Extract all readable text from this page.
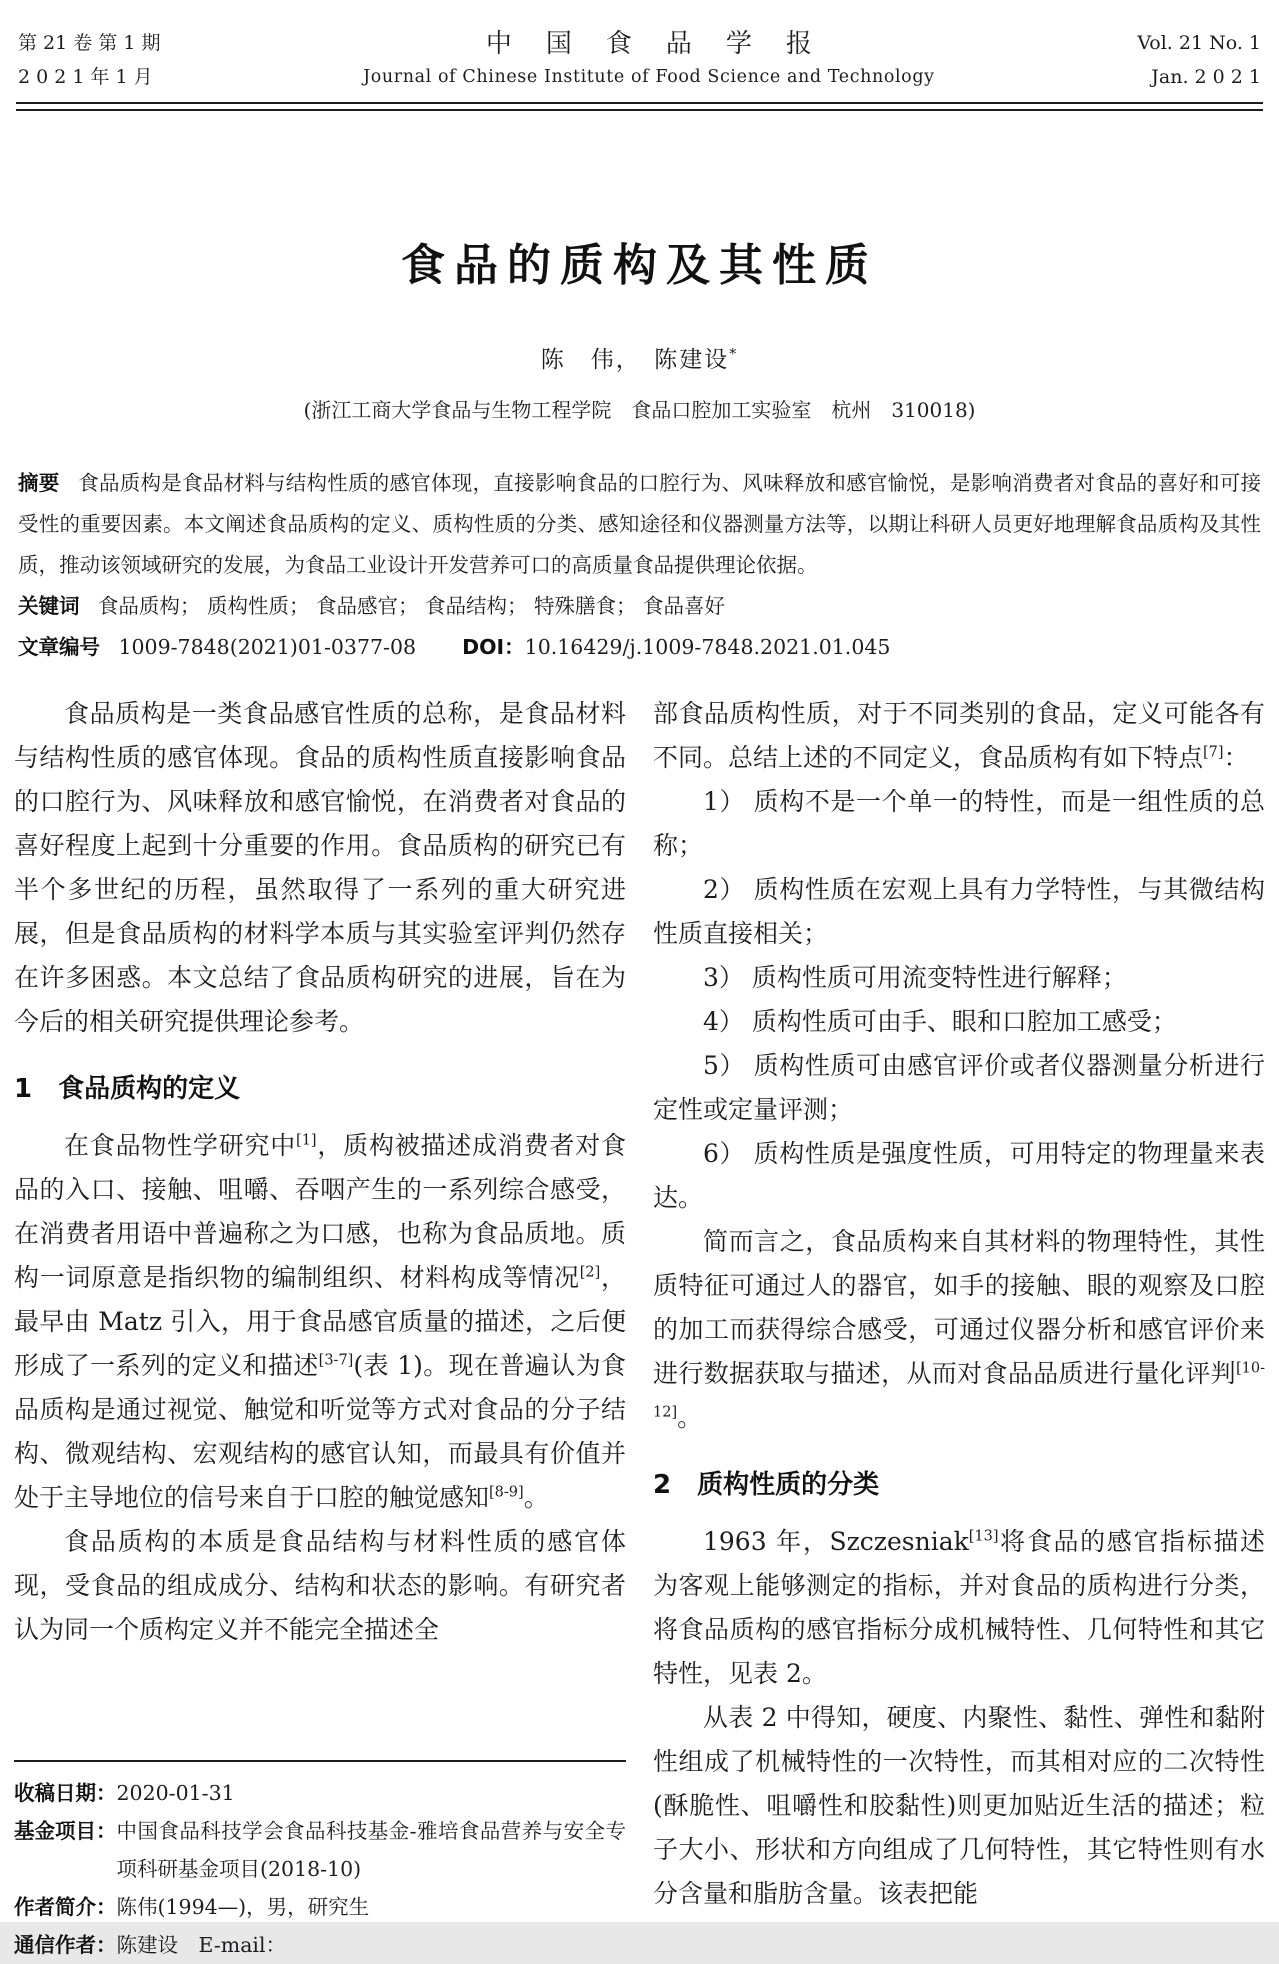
第 21 卷 第 1 期
2 0 2 1 年 1 月
中国食品学报
Journal of Chinese Institute of Food Science and Technology
Vol. 21 No. 1
Jan. 2 0 2 1
食品的质构及其性质
陈　伟，　陈建设*
(浙江工商大学食品与生物工程学院　食品口腔加工实验室　杭州　310018)

摘要 食品质构是食品材料与结构性质的感官体现，直接影响食品的口腔行为、风味释放和感官愉悦，是影响消费者对食品的喜好和可接受性的重要因素。本文阐述食品质构的定义、质构性质的分类、感知途径和仪器测量方法等，以期让科研人员更好地理解食品质构及其性质，推动该领域研究的发展，为食品工业设计开发营养可口的高质量食品提供理论依据。

关键词 食品质构； 质构性质； 食品感官； 食品结构； 特殊膳食； 食品喜好

文章编号 1009-7848(2021)01-0377-08 DOI：10.16429/j.1009-7848.2021.01.045

食品质构是一类食品感官性质的总称，是食品材料与结构性质的感官体现。食品的质构性质直接影响食品的口腔行为、风味释放和感官愉悦，在消费者对食品的喜好程度上起到十分重要的作用。食品质构的研究已有半个多世纪的历程，虽然取得了一系列的重大研究进展，但是食品质构的材料学本质与其实验室评判仍然存在许多困惑。本文总结了食品质构研究的进展，旨在为今后的相关研究提供理论参考。

1　食品质构的定义

在食品物性学研究中[1]，质构被描述成消费者对食品的入口、接触、咀嚼、吞咽产生的一系列综合感受，在消费者用语中普遍称之为口感，也称为食品质地。质构一词原意是指织物的编制组织、材料构成等情况[2]，最早由 Matz 引入，用于食品感官质量的描述，之后便形成了一系列的定义和描述[3-7](表 1)。现在普遍认为食品质构是通过视觉、触觉和听觉等方式对食品的分子结构、微观结构、宏观结构的感官认知，而最具有价值并处于主导地位的信号来自于口腔的触觉感知[8-9]。

食品质构的本质是食品结构与材料性质的感官体现，受食品的组成成分、结构和状态的影响。有研究者认为同一个质构定义并不能完全描述全

收稿日期： 2020-01-31
基金项目： 中国食品科技学会食品科技基金-雅培食品营养与安全专项科研基金项目(2018-10)
作者简介： 陈伟(1994—)，男，研究生
通信作者： 陈建设　E-mail：

部食品质构性质，对于不同类别的食品，定义可能各有不同。总结上述的不同定义，食品质构有如下特点[7]：

1） 质构不是一个单一的特性，而是一组性质的总称；

2） 质构性质在宏观上具有力学特性，与其微结构性质直接相关；

3） 质构性质可用流变特性进行解释；

4） 质构性质可由手、眼和口腔加工感受；

5） 质构性质可由感官评价或者仪器测量分析进行定性或定量评测；

6） 质构性质是强度性质，可用特定的物理量来表达。

简而言之，食品质构来自其材料的物理特性，其性质特征可通过人的器官，如手的接触、眼的观察及口腔的加工而获得综合感受，可通过仪器分析和感官评价来进行数据获取与描述，从而对食品品质进行量化评判[10-12]。

2　质构性质的分类

1963 年，Szczesniak[13]将食品的感官指标描述为客观上能够测定的指标，并对食品的质构进行分类，将食品质构的感官指标分成机械特性、几何特性和其它特性，见表 2。

从表 2 中得知，硬度、内聚性、黏性、弹性和黏附性组成了机械特性的一次特性，而其相对应的二次特性(酥脆性、咀嚼性和胶黏性)则更加贴近生活的描述；粒子大小、形状和方向组成了几何特性，其它特性则有水分含量和脂肪含量。该表把能
